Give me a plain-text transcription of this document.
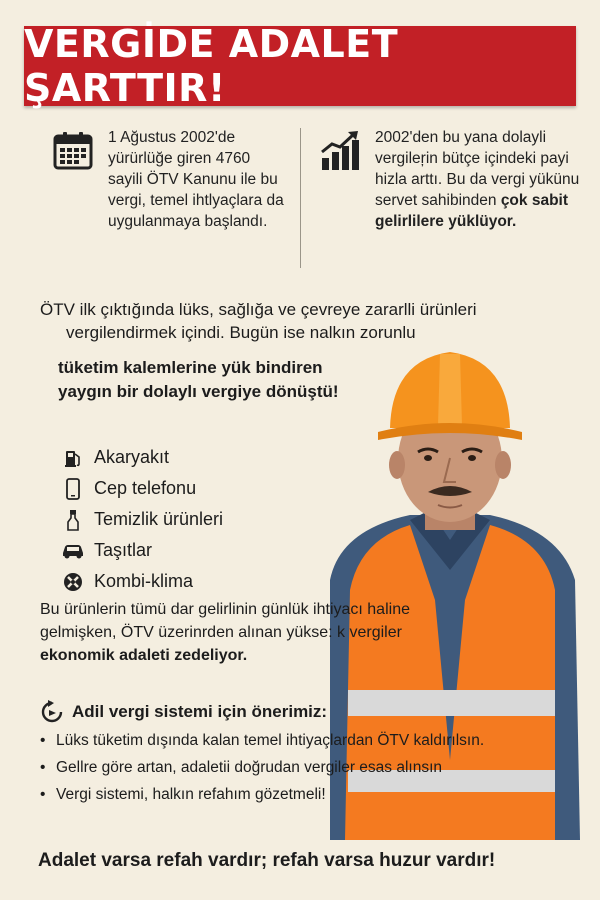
VERGİDE ADALET ŞARTTIR!
1 Ağustus 2002'de yürürlüğe giren 4760 sayili ÖTV Kanunu ile bu vergi, temel ihtlyaçlara da uygulanmaya başlandı.
2002'den bu yana dolayli vergileŗin bütçe içindeki payi hizla arttı. Bu da vergi yükünu servet sahibinden çok sabit gelirlilere yüklüyor.
ÖTV ilk çıktığında lüks, sağlığa ve çevreye zararlli ürünleri
vergilendirmek içindi. Bugün ise nalkın zorunlu
tüketim kalemlerine yük bindiren yaygın bir dolaylı vergiye dönüştü!
Akaryakıt
Cep telefonu
Temizlik ürünleri
Taşıtlar
Kombi-klima
Bu ürünlerin tümü dar gelirlinin günlük ihtiyacı haline gelmişken, ÖTV üzerinrden alınan yükse: k vergiler ekonomik adaleti zedeliyor.
Adil vergi sistemi için önerimiz:
• Lüks tüketim dışında kalan temel ihtiyaçlardan ÖTV kaldırılsın.
• Gellre göre artan, adaletii doğrudan vergiler esas alınsın
• Vergi sistemi, halkın refahım gözetmeli!
Adalet varsa refah vardır; refah varsa huzur vardır!
